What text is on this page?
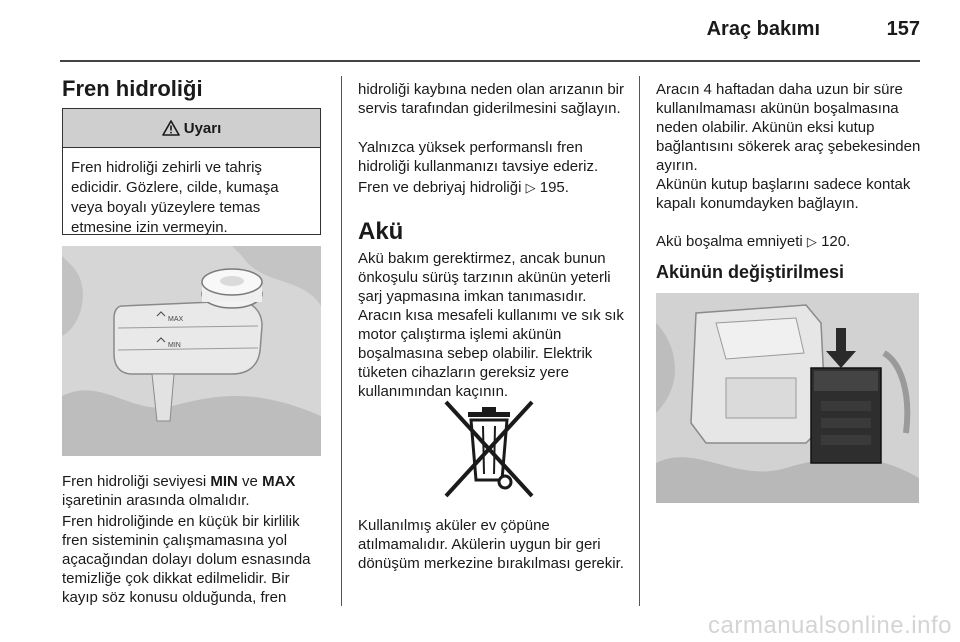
Araç bakımı	157
Fren hidroliği
Uyarı
Fren hidroliği zehirli ve tahriş edicidir. Gözlere, cilde, kumaşa veya boyalı yüzeylere temas etmesine izin vermeyin.
MAX
MIN

Fren hidroliği seviyesi MIN ve MAX işaretinin arasında olmalıdır.

Fren hidroliğinde en küçük bir kirlilik fren sisteminin çalışmamasına yol açacağından dolayı dolum esnasında temizliğe çok dikkat edilmelidir. Bir kayıp söz konusu olduğunda, fren

hidroliği kaybına neden olan arızanın bir servis tarafından giderilmesini sağlayın.

Yalnızca yüksek performanslı fren hidroliği kullanmanızı tavsiye ederiz.

Fren ve debriyaj hidroliği ▷ 195.

Akü

Akü bakım gerektirmez, ancak bunun önkoşulu sürüş tarzının akünün yeterli şarj yapmasına imkan tanımasıdır. Aracın kısa mesafeli kullanımı ve sık sık motor çalıştırma işlemi akünün boşalmasına sebep olabilir. Elektrik tüketen cihazların gereksiz yere kullanımından kaçının.

Kullanılmış aküler ev çöpüne atılmamalıdır. Akülerin uygun bir geri dönüşüm merkezine bırakılması gerekir.

Aracın 4 haftadan daha uzun bir süre kullanılmaması akünün boşalmasına neden olabilir. Akünün eksi kutup bağlantısını sökerek araç şebekesinden ayırın.

Akünün kutup başlarını sadece kontak kapalı konumdayken bağlayın.

Akü boşalma emniyeti ▷ 120.

Akünün değiştirilmesi
carmanualsonline.info
